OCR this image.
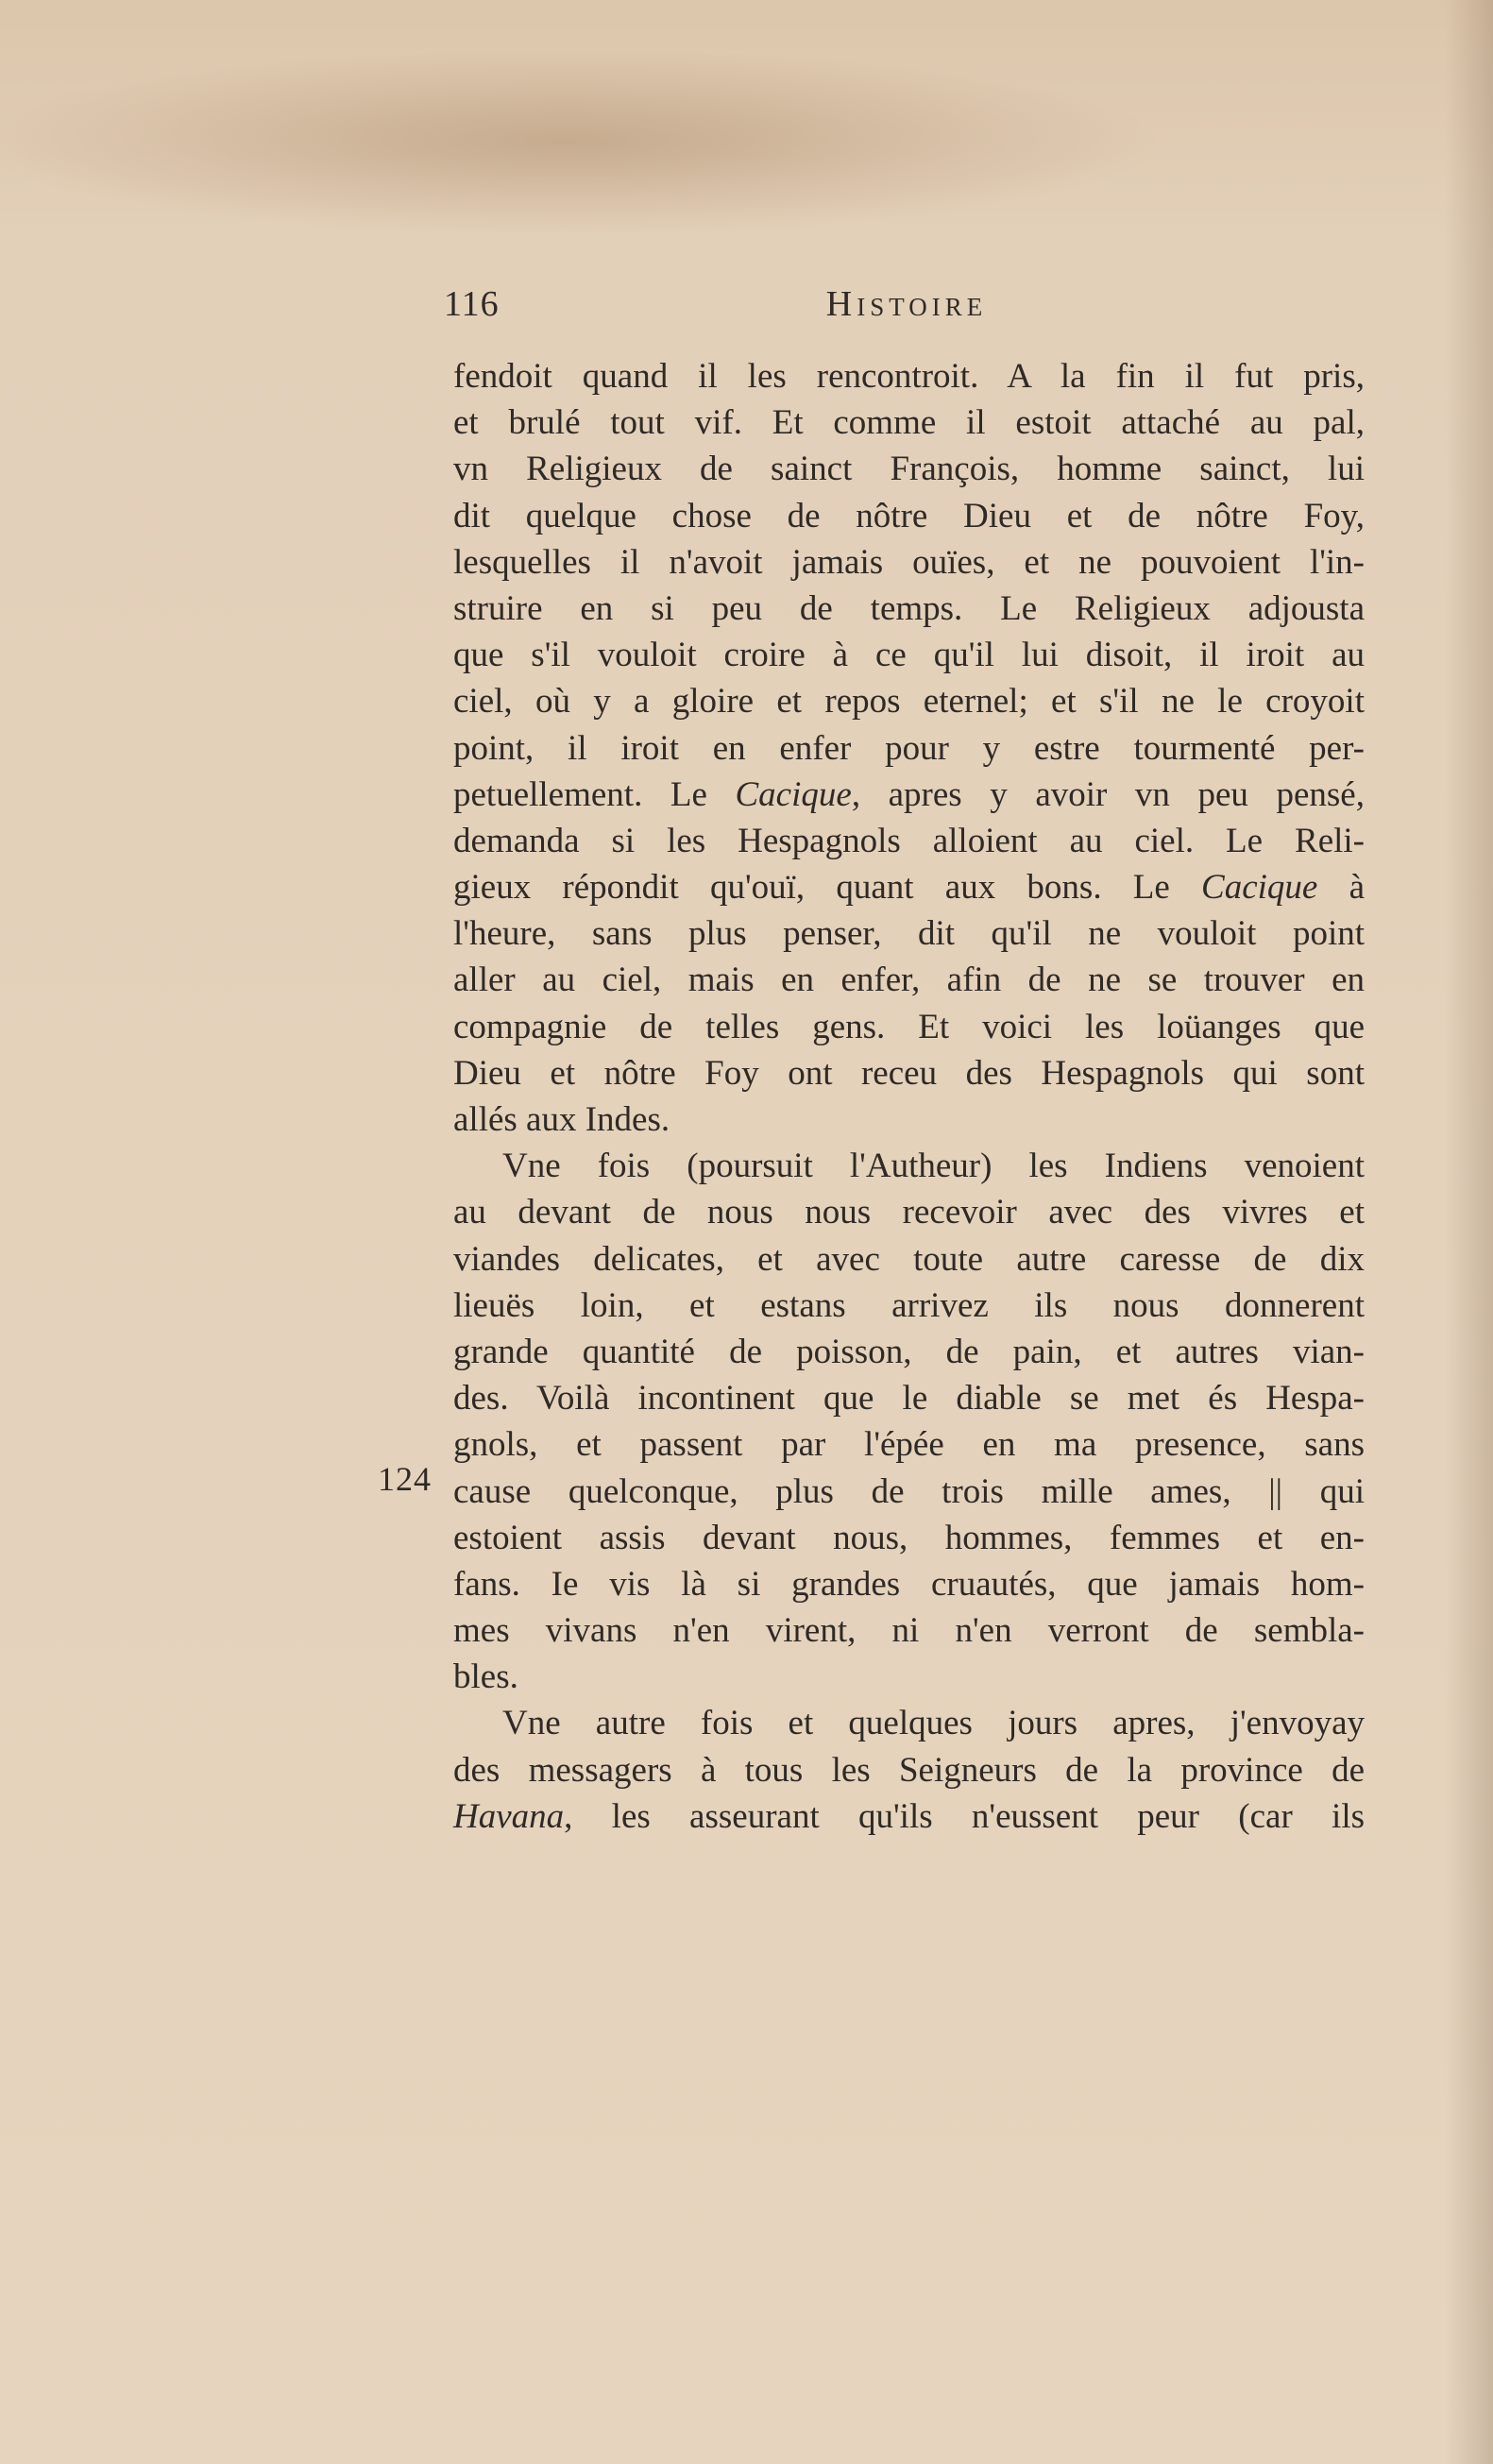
116	Histoire
124
fendoit quand il les rencontroit. A la fin il fut pris,
et brulé tout vif. Et comme il estoit attaché au pal,
vn Religieux de sainct François, homme sainct, lui
dit quelque chose de nôtre Dieu et de nôtre Foy,
lesquelles il n'avoit jamais ouïes, et ne pouvoient l'in-
struire en si peu de temps. Le Religieux adjousta
que s'il vouloit croire à ce qu'il lui disoit, il iroit au
ciel, où y a gloire et repos eternel; et s'il ne le croyoit
point, il iroit en enfer pour y estre tourmenté per-
petuellement. Le Cacique, apres y avoir vn peu pensé,
demanda si les Hespagnols alloient au ciel. Le Reli-
gieux répondit qu'ouï, quant aux bons. Le Cacique à
l'heure, sans plus penser, dit qu'il ne vouloit point
aller au ciel, mais en enfer, afin de ne se trouver en
compagnie de telles gens. Et voici les loüanges que
Dieu et nôtre Foy ont receu des Hespagnols qui sont
allés aux Indes.
Vne fois (poursuit l'Autheur) les Indiens venoient
au devant de nous nous recevoir avec des vivres et
viandes delicates, et avec toute autre caresse de dix
lieuës loin, et estans arrivez ils nous donnerent
grande quantité de poisson, de pain, et autres vian-
des. Voilà incontinent que le diable se met és Hespa-
gnols, et passent par l'épée en ma presence, sans
cause quelconque, plus de trois mille ames, || qui
estoient assis devant nous, hommes, femmes et en-
fans. Ie vis là si grandes cruautés, que jamais hom-
mes vivans n'en virent, ni n'en verront de sembla-
bles.
Vne autre fois et quelques jours apres, j'envoyay
des messagers à tous les Seigneurs de la province de
Havana, les asseurant qu'ils n'eussent peur (car ils
